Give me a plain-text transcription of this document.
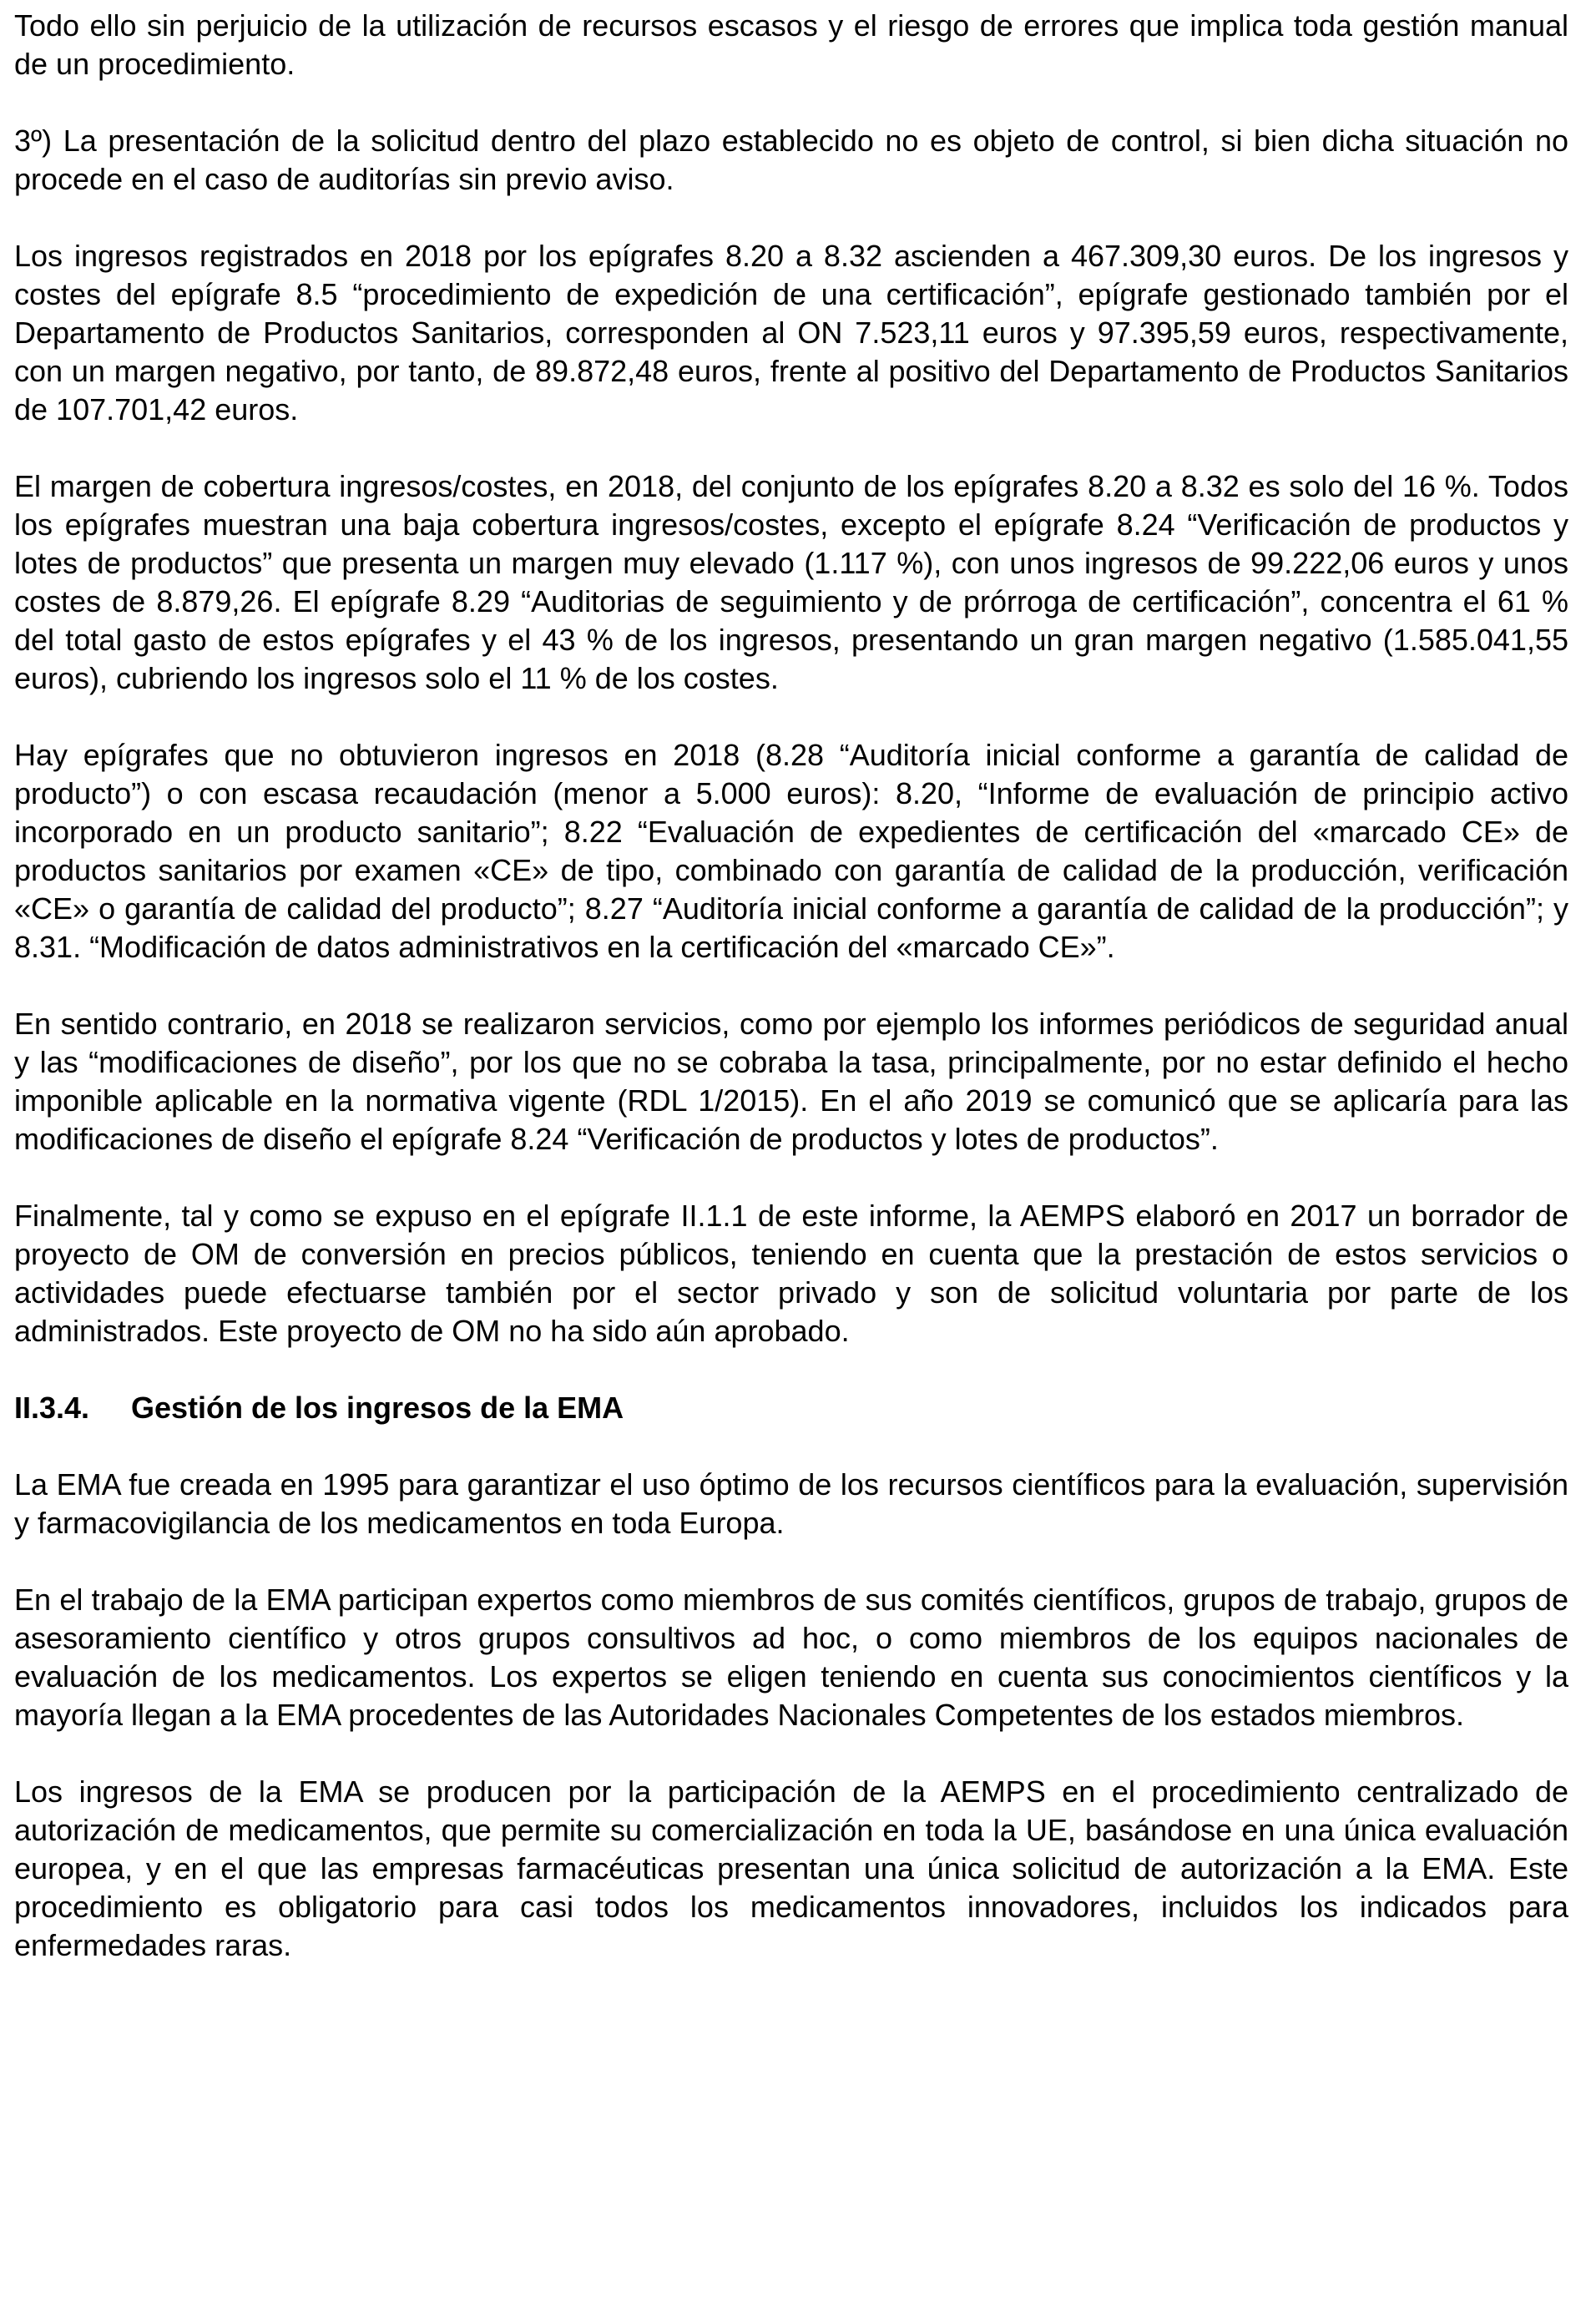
Todo ello sin perjuicio de la utilización de recursos escasos y el riesgo de errores que implica toda gestión manual de un procedimiento.

3º) La presentación de la solicitud dentro del plazo establecido no es objeto de control, si bien dicha situación no procede en el caso de auditorías sin previo aviso.

Los ingresos registrados en 2018 por los epígrafes 8.20 a 8.32 ascienden a 467.309,30 euros. De los ingresos y costes del epígrafe 8.5 “procedimiento de expedición de una certificación”, epígrafe gestionado también por el Departamento de Productos Sanitarios, corresponden al ON 7.523,11 euros y 97.395,59 euros, respectivamente, con un margen negativo, por tanto, de 89.872,48 euros, frente al positivo del Departamento de Productos Sanitarios de 107.701,42 euros.

El margen de cobertura ingresos/costes, en 2018, del conjunto de los epígrafes 8.20 a 8.32 es solo del 16 %. Todos los epígrafes muestran una baja cobertura ingresos/costes, excepto el epígrafe 8.24 “Verificación de productos y lotes de productos” que presenta un margen muy elevado (1.117 %), con unos ingresos de 99.222,06 euros y unos costes de 8.879,26. El epígrafe 8.29 “Auditorias de seguimiento y de prórroga de certificación”, concentra el 61 % del total gasto de estos epígrafes y el 43 % de los ingresos, presentando un gran margen negativo (1.585.041,55 euros), cubriendo los ingresos solo el 11 % de los costes.

Hay epígrafes que no obtuvieron ingresos en 2018 (8.28 “Auditoría inicial conforme a garantía de calidad de producto”) o con escasa recaudación (menor a 5.000 euros): 8.20, “Informe de evaluación de principio activo incorporado en un producto sanitario”; 8.22 “Evaluación de expedientes de certificación del «marcado CE» de productos sanitarios por examen «CE» de tipo, combinado con garantía de calidad de la producción, verificación «CE» o garantía de calidad del producto”; 8.27 “Auditoría inicial conforme a garantía de calidad de la producción”; y 8.31. “Modificación de datos administrativos en la certificación del «marcado CE»”.

En sentido contrario, en 2018 se realizaron servicios, como por ejemplo los informes periódicos de seguridad anual y las “modificaciones de diseño”, por los que no se cobraba la tasa, principalmente, por no estar definido el hecho imponible aplicable en la normativa vigente (RDL 1/2015). En el año 2019 se comunicó que se aplicaría para las modificaciones de diseño el epígrafe 8.24 “Verificación de productos y lotes de productos”.

Finalmente, tal y como se expuso en el epígrafe II.1.1 de este informe, la AEMPS elaboró en 2017 un borrador de proyecto de OM de conversión en precios públicos, teniendo en cuenta que la prestación de estos servicios o actividades puede efectuarse también por el sector privado y son de solicitud voluntaria por parte de los administrados. Este proyecto de OM no ha sido aún aprobado.

II.3.4.	Gestión de los ingresos de la EMA

La EMA fue creada en 1995 para garantizar el uso óptimo de los recursos científicos para la evaluación, supervisión y farmacovigilancia de los medicamentos en toda Europa.

En el trabajo de la EMA participan expertos como miembros de sus comités científicos, grupos de trabajo, grupos de asesoramiento científico y otros grupos consultivos ad hoc, o como miembros de los equipos nacionales de evaluación de los medicamentos. Los expertos se eligen teniendo en cuenta sus conocimientos científicos y la mayoría llegan a la EMA procedentes de las Autoridades Nacionales Competentes de los estados miembros.

Los ingresos de la EMA se producen por la participación de la AEMPS en el procedimiento centralizado de autorización de medicamentos, que permite su comercialización en toda la UE, basándose en una única evaluación europea, y en el que las empresas farmacéuticas presentan una única solicitud de autorización a la EMA. Este procedimiento es obligatorio para casi todos los medicamentos innovadores, incluidos los indicados para enfermedades raras.
